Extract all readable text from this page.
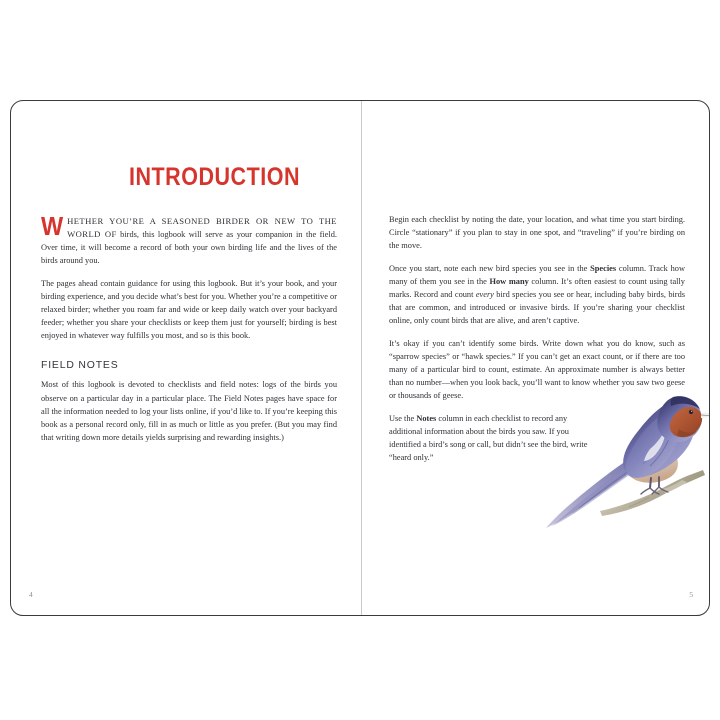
INTRODUCTION

WHETHER YOU’RE A SEASONED BIRDER OR NEW TO THE WORLD OF birds, this logbook will serve as your companion in the field. Over time, it will become a record of both your own birding life and the lives of the birds around you.

The pages ahead contain guidance for using this logbook. But it’s your book, and your birding experience, and you decide what’s best for you. Whether you’re a competitive or relaxed birder; whether you roam far and wide or keep daily watch over your backyard feeder; whether you share your checklists or keep them just for yourself; birding is best enjoyed in whatever way fulfills you most, and so is this book.

FIELD NOTES

Most of this logbook is devoted to checklists and field notes: logs of the birds you observe on a particular day in a particular place. The Field Notes pages have space for all the information needed to log your lists online, if you’d like to. If you’re keeping this book as a personal record only, fill in as much or little as you prefer. (But you may find that writing down more details yields surprising and rewarding insights.)

4

Begin each checklist by noting the date, your location, and what time you start birding. Circle “stationary” if you plan to stay in one spot, and “traveling” if you’re birding on the move.

Once you start, note each new bird species you see in the Species column. Track how many of them you see in the How many column. It’s often easiest to count using tally marks. Record and count every bird species you see or hear, including baby birds, birds that are common, and introduced or invasive birds. If you’re sharing your checklist online, only count birds that are alive, and aren’t captive.

It’s okay if you can’t identify some birds. Write down what you do know, such as “sparrow species” or “hawk species.” If you can’t get an exact count, or if there are too many of a particular bird to count, estimate. An approximate number is always better than no number—when you look back, you’ll want to know whether you saw two geese or thousands of geese.

Use the Notes column in each checklist to record any additional information about the birds you saw. If you identified a bird’s song or call, but didn’t see the bird, write “heard only.”

5
